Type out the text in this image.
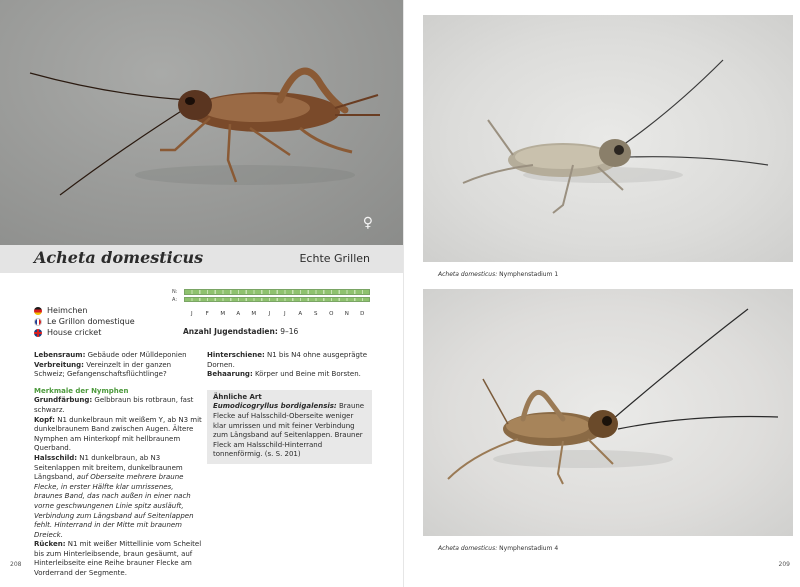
♀
Acheta domesticus	Echte Grillen
Heimchen
Le Grillon domestique
House cricket
N:
A:
J	F	M	A	M	J	J	A	S	O	N	D
Anzahl Jugendstadien: 9–16

Lebensraum: Gebäude oder Mülldeponien

Verbreitung: Vereinzelt in der ganzen Schweiz; Gefangenschaftsflüchtlinge?

Merkmale der Nymphen

Grundfärbung: Gelbbraun bis rotbraun, fast schwarz.

Kopf: N1 dunkelbraun mit weißem Y, ab N3 mit dunkelbraunem Band zwischen Augen. Ältere Nymphen am Hinterkopf mit hellbraunem Querband.

Halsschild: N1 dunkelbraun, ab N3 Seitenlappen mit breitem, dunkelbraunem Längsband, auf Oberseite mehrere braune Flecke, in erster Hälfte klar umrissenes, braunes Band, das nach außen in einer nach vorne geschwungenen Linie spitz ausläuft, Verbindung zum Längsband auf Seitenlappen fehlt. Hinterrand in der Mitte mit braunem Dreieck.

Rücken: N1 mit weißer Mittellinie vom Scheitel bis zum Hinterleibsende, braun gesäumt, auf Hinterleibseite eine Reihe brauner Flecke am Vorderrand der Segmente.

Hinterschiene: N1 bis N4 ohne ausgeprägte Dornen.

Behaarung: Körper und Beine mit Borsten.

Ähnliche Art

Eumodicogryllus bordigalensis: Braune Flecke auf Halsschild-Oberseite weniger klar umrissen und mit feiner Verbindung zum Längsband auf Seitenlappen. Brauner Fleck am Halsschild-Hinterrand tonnenförmig. (s. S. 201)

208

Acheta domesticus: Nymphenstadium 1

Acheta domesticus: Nymphenstadium 4

209
